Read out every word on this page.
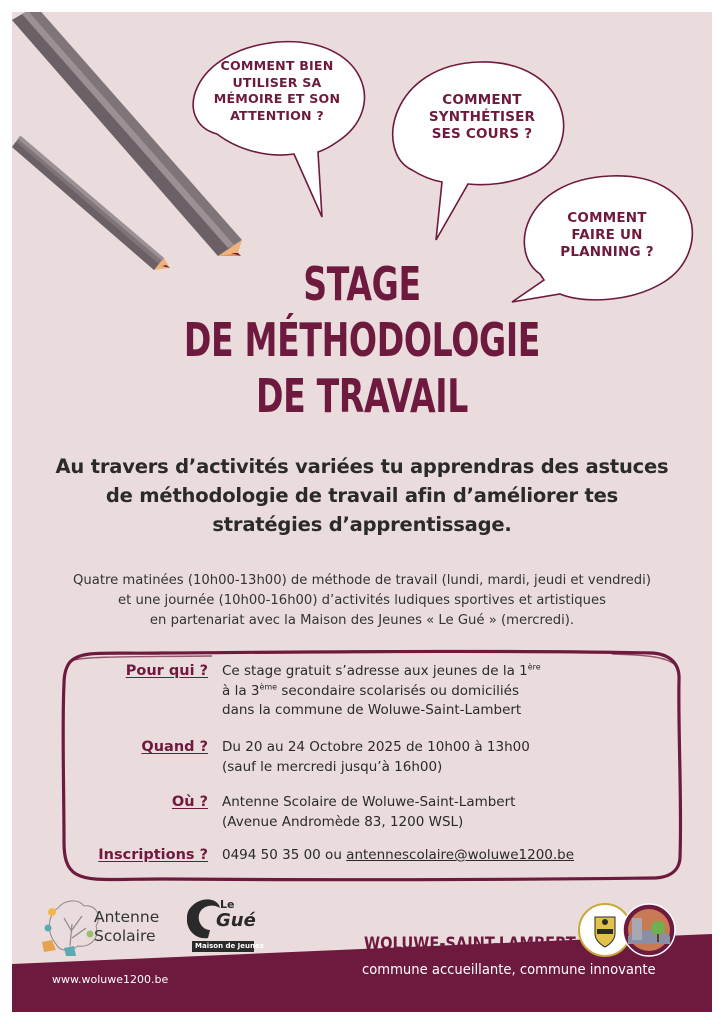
COMMENT BIEN
UTILISER SA
MÉMOIRE ET SON
ATTENTION ?
COMMENT
SYNTHÉTISER
SES COURS ?
COMMENT
FAIRE UN
PLANNING ?
STAGE
DE MÉTHODOLOGIE
DE TRAVAIL
Au travers d’activités variées tu apprendras des astuces de méthodologie de travail afin d’améliorer tes stratégies d’apprentissage.
Quatre matinées (10h00-13h00) de méthode de travail (lundi, mardi, jeudi et vendredi)
et une journée (10h00-16h00) d’activités ludiques sportives et artistiques
en partenariat avec la Maison des Jeunes « Le Gué » (mercredi).
Pour qui ? Ce stage gratuit s’adresse aux jeunes de la 1ère
à la 3ème secondaire scolarisés ou domiciliés
dans la commune de Woluwe-Saint-Lambert
Quand ? Du 20 au 24 Octobre 2025 de 10h00 à 13h00
(sauf le mercredi jusqu’à 16h00)
Où ? Antenne Scolaire de Woluwe-Saint-Lambert
(Avenue Andromède 83, 1200 WSL)
Inscriptions ? 0494 50 35 00 ou antennescolaire@woluwe1200.be
Antenne
Scolaire
Le
Gué
Maison de Jeunes
www.woluwe1200.be
WOLUWE-SAINT-LAMBERT
commune accueillante, commune innovante
